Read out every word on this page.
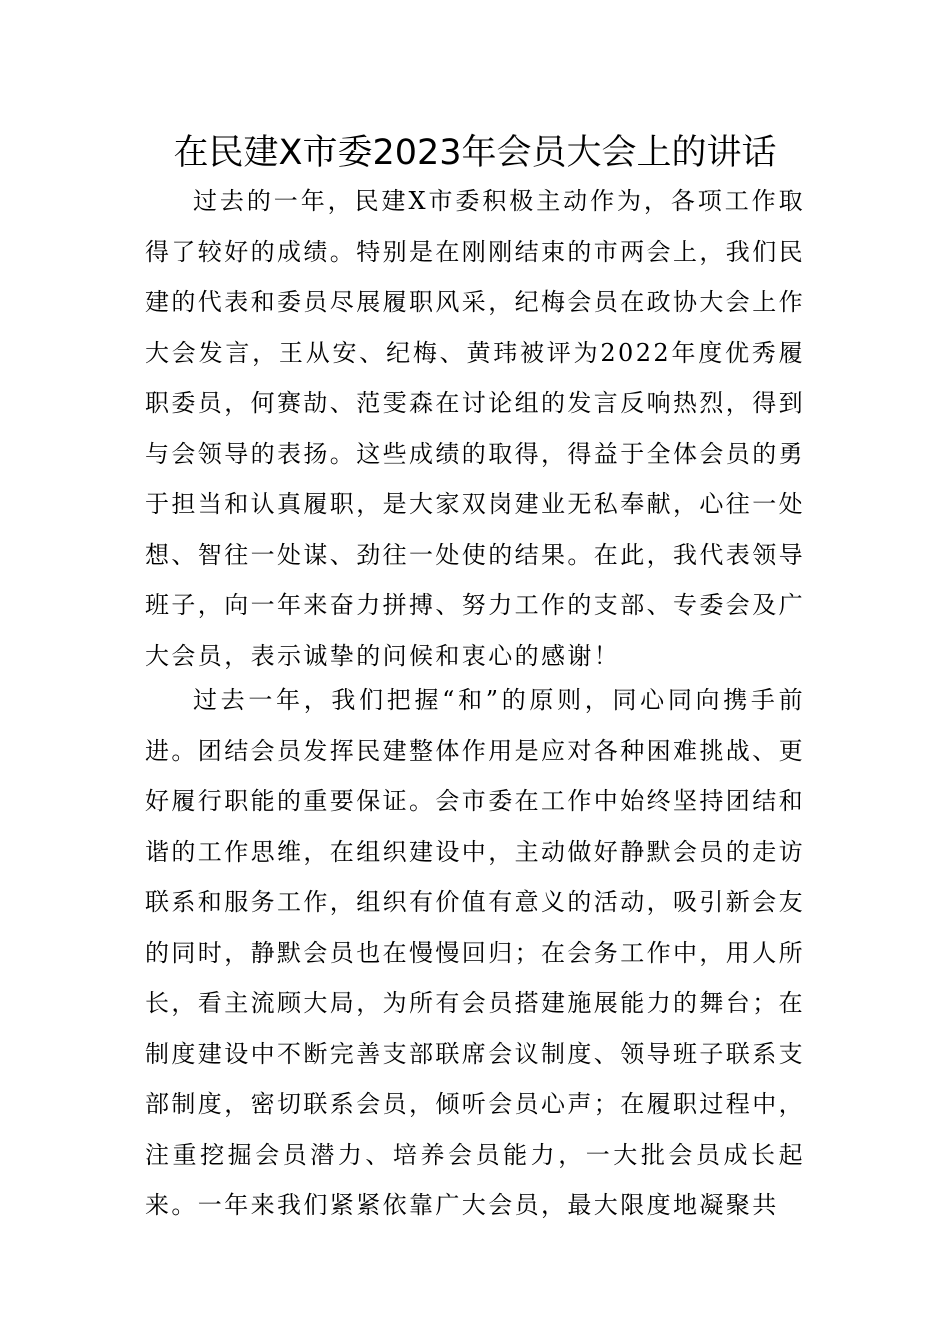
在民建X市委2023年会员大会上的讲话

过去的一年，民建X市委积极主动作为，各项工作取得了较好的成绩。特别是在刚刚结束的市两会上，我们民建的代表和委员尽展履职风采，纪梅会员在政协大会上作大会发言，王从安、纪梅、黄玮被评为2022年度优秀履职委员，何赛劼、范雯森在讨论组的发言反响热烈，得到与会领导的表扬。这些成绩的取得，得益于全体会员的勇于担当和认真履职，是大家双岗建业无私奉献，心往一处想、智往一处谋、劲往一处使的结果。在此，我代表领导班子，向一年来奋力拼搏、努力工作的支部、专委会及广大会员，表示诚挚的问候和衷心的感谢！

过去一年，我们把握“和”的原则，同心同向携手前进。团结会员发挥民建整体作用是应对各种困难挑战、更好履行职能的重要保证。会市委在工作中始终坚持团结和谐的工作思维，在组织建设中，主动做好静默会员的走访联系和服务工作，组织有价值有意义的活动，吸引新会友的同时，静默会员也在慢慢回归；在会务工作中，用人所长，看主流顾大局，为所有会员搭建施展能力的舞台；在制度建设中不断完善支部联席会议制度、领导班子联系支部制度，密切联系会员，倾听会员心声；在履职过程中，注重挖掘会员潜力、培养会员能力，一大批会员成长起来。一年来我们紧紧依靠广大会员，最大限度地凝聚共
